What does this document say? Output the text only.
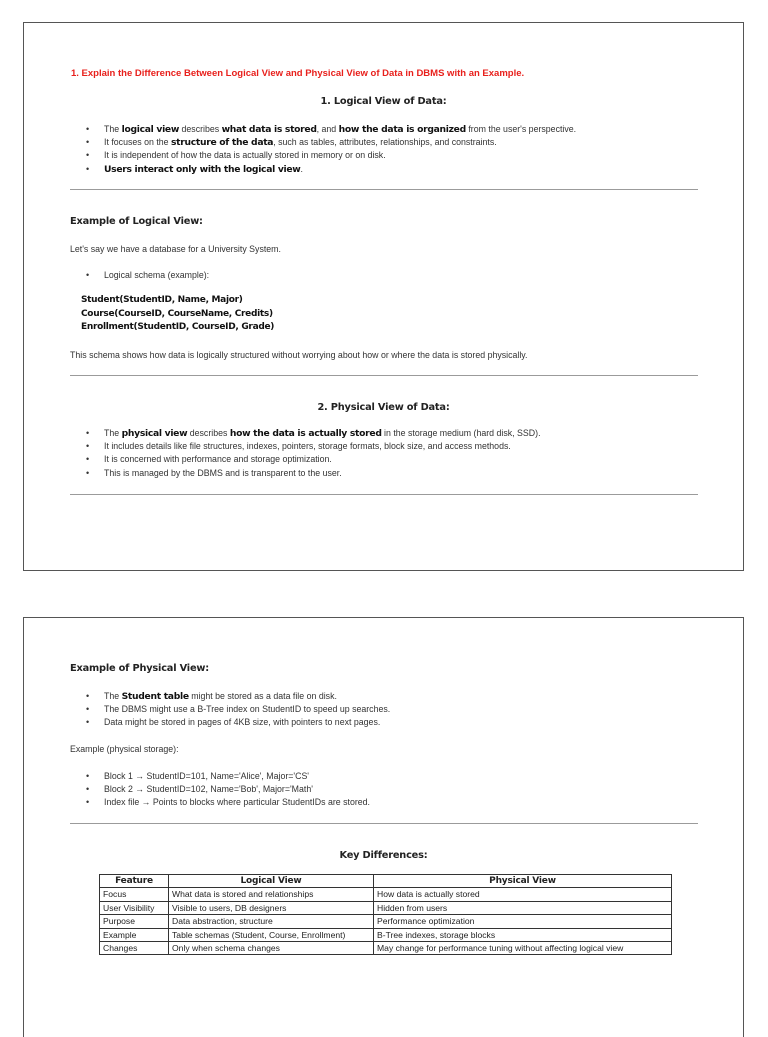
1. Explain the Difference Between Logical View and Physical View of Data in DBMS with an Example.
1. Logical View of Data:
• The logical view describes what data is stored, and how the data is organized from the user's perspective.
• It focuses on the structure of the data, such as tables, attributes, relationships, and constraints.
• It is independent of how the data is actually stored in memory or on disk.
• Users interact only with the logical view.
Example of Logical View:
Let's say we have a database for a University System.
• Logical schema (example):
Student(StudentID, Name, Major)
Course(CourseID, CourseName, Credits)
Enrollment(StudentID, CourseID, Grade)
This schema shows how data is logically structured without worrying about how or where the data is stored physically.
2. Physical View of Data:
• The physical view describes how the data is actually stored in the storage medium (hard disk, SSD).
• It includes details like file structures, indexes, pointers, storage formats, block size, and access methods.
• It is concerned with performance and storage optimization.
• This is managed by the DBMS and is transparent to the user.
Example of Physical View:
• The Student table might be stored as a data file on disk.
• The DBMS might use a B-Tree index on StudentID to speed up searches.
• Data might be stored in pages of 4KB size, with pointers to next pages.
Example (physical storage):
• Block 1 → StudentID=101, Name='Alice', Major='CS'
• Block 2 → StudentID=102, Name='Bob', Major='Math'
• Index file → Points to blocks where particular StudentIDs are stored.
Key Differences:
Feature	Logical View	Physical View
Focus	What data is stored and relationships	How data is actually stored
User Visibility	Visible to users, DB designers	Hidden from users
Purpose	Data abstraction, structure	Performance optimization
Example	Table schemas (Student, Course, Enrollment)	B-Tree indexes, storage blocks
Changes	Only when schema changes	May change for performance tuning without affecting logical view
